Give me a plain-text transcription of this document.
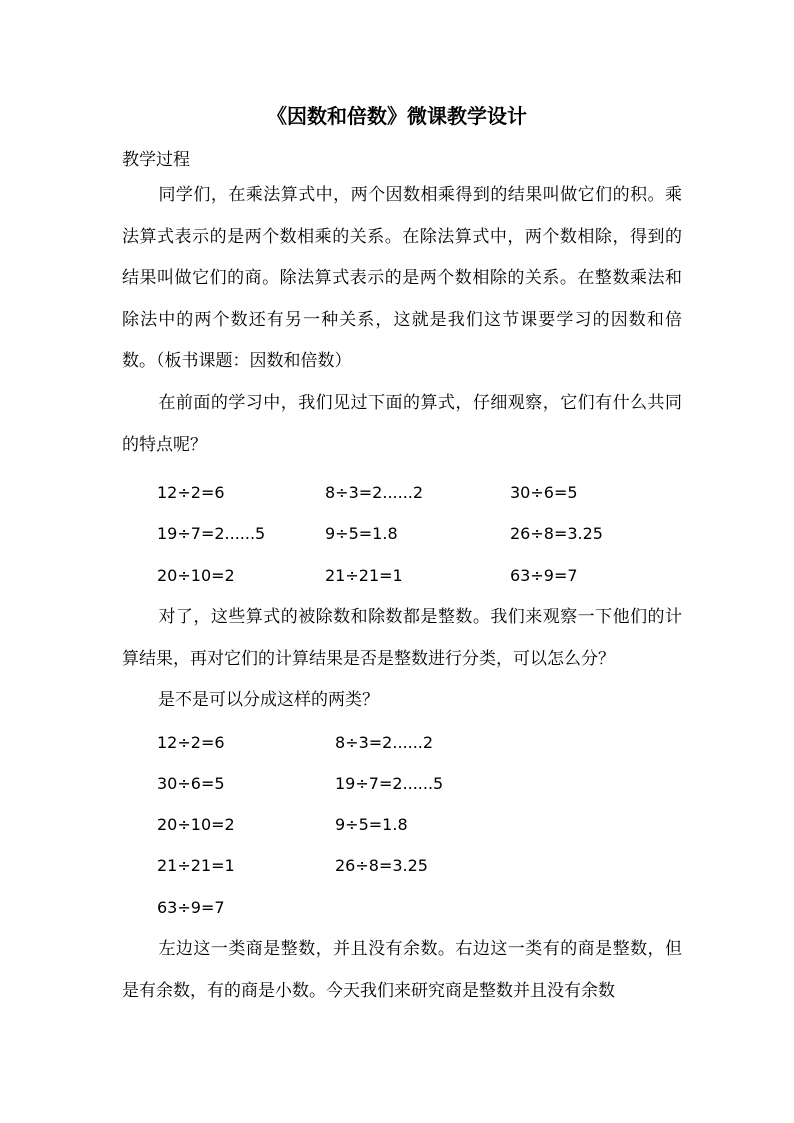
《因数和倍数》微课教学设计
教学过程
同学们，在乘法算式中，两个因数相乘得到的结果叫做它们的积。乘法算式表示的是两个数相乘的关系。在除法算式中，两个数相除，得到的结果叫做它们的商。除法算式表示的是两个数相除的关系。在整数乘法和除法中的两个数还有另一种关系，这就是我们这节课要学习的因数和倍数。（板书课题：因数和倍数）
在前面的学习中，我们见过下面的算式，仔细观察，它们有什么共同的特点呢？
12÷2=6	8÷3=2......2	30÷6=5
19÷7=2......5	9÷5=1.8	26÷8=3.25
20÷10=2	21÷21=1	63÷9=7
对了，这些算式的被除数和除数都是整数。我们来观察一下他们的计算结果，再对它们的计算结果是否是整数进行分类，可以怎么分？
是不是可以分成这样的两类？
12÷2=6	8÷3=2......2
30÷6=5	19÷7=2......5
20÷10=2	9÷5=1.8
21÷21=1	26÷8=3.25
63÷9=7
左边这一类商是整数，并且没有余数。右边这一类有的商是整数，但是有余数，有的商是小数。今天我们来研究商是整数并且没有余数
